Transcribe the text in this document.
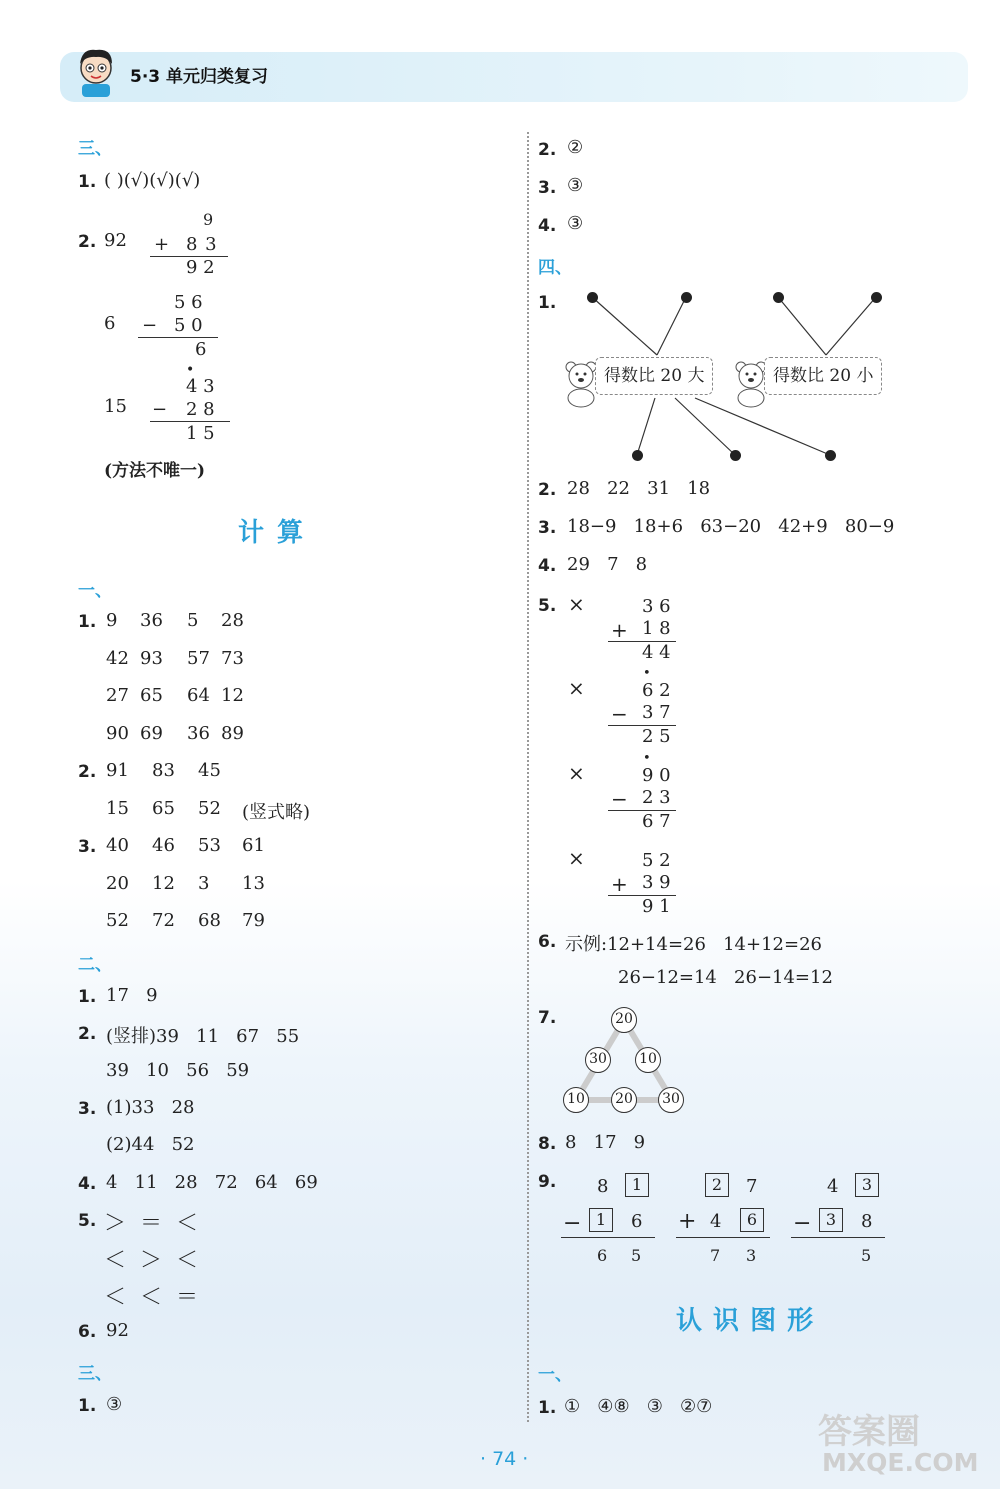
5·3 单元归类复习
三、
1. ( )(√)(√)(√)
2. 92
9
+ 8 3
9 2
6
5 6
− 5 0
6
15
•
4 3
− 2 8
1 5
(方法不唯一)
计 算
一、
1. 9 36 5 28
42 93 57 73
27 65 64 12
90 69 36 89
2. 91 83 45
15 65 52 (竖式略)
3. 40 46 53 61
20 12 3 13
52 72 68 79
二、
1. 17   9
2. (竖排)39   11   67   55
39   10   56   59
3. (1)33   28
(2)44   52
4. 4   11   28   72   64   69
5. ＞  ＝  ＜
＜  ＞  ＜
＜  ＜  ＝
6. 92
三、
1. ③
2. ②
3. ③
4. ③
四、
1.
得数比 20 大	得数比 20 小
2. 28   22   31   18
3. 18−9   18+6   63−20   42+9   80−9
4. 29   7   8
5. ×	3 6
+ 1 8
4 4
×	6 2
− 3 7
2 5
•
×	9 0
− 2 3
6 7
•
×	5 2
+ 3 9
9 1
6. 示例:12+14=26   14+12=26
26−12=14   26−14=12
7.	20
30 10
10 20 30
8. 8   17   9
9. 8	1
− 1	6
6 5
2	7
+ 4	6
7 3
4	3
− 3	8
5
认 识 图 形
一、
1. ①   ④⑧   ③   ②⑦
· 74 ·
答案圈
MXQE.COM
